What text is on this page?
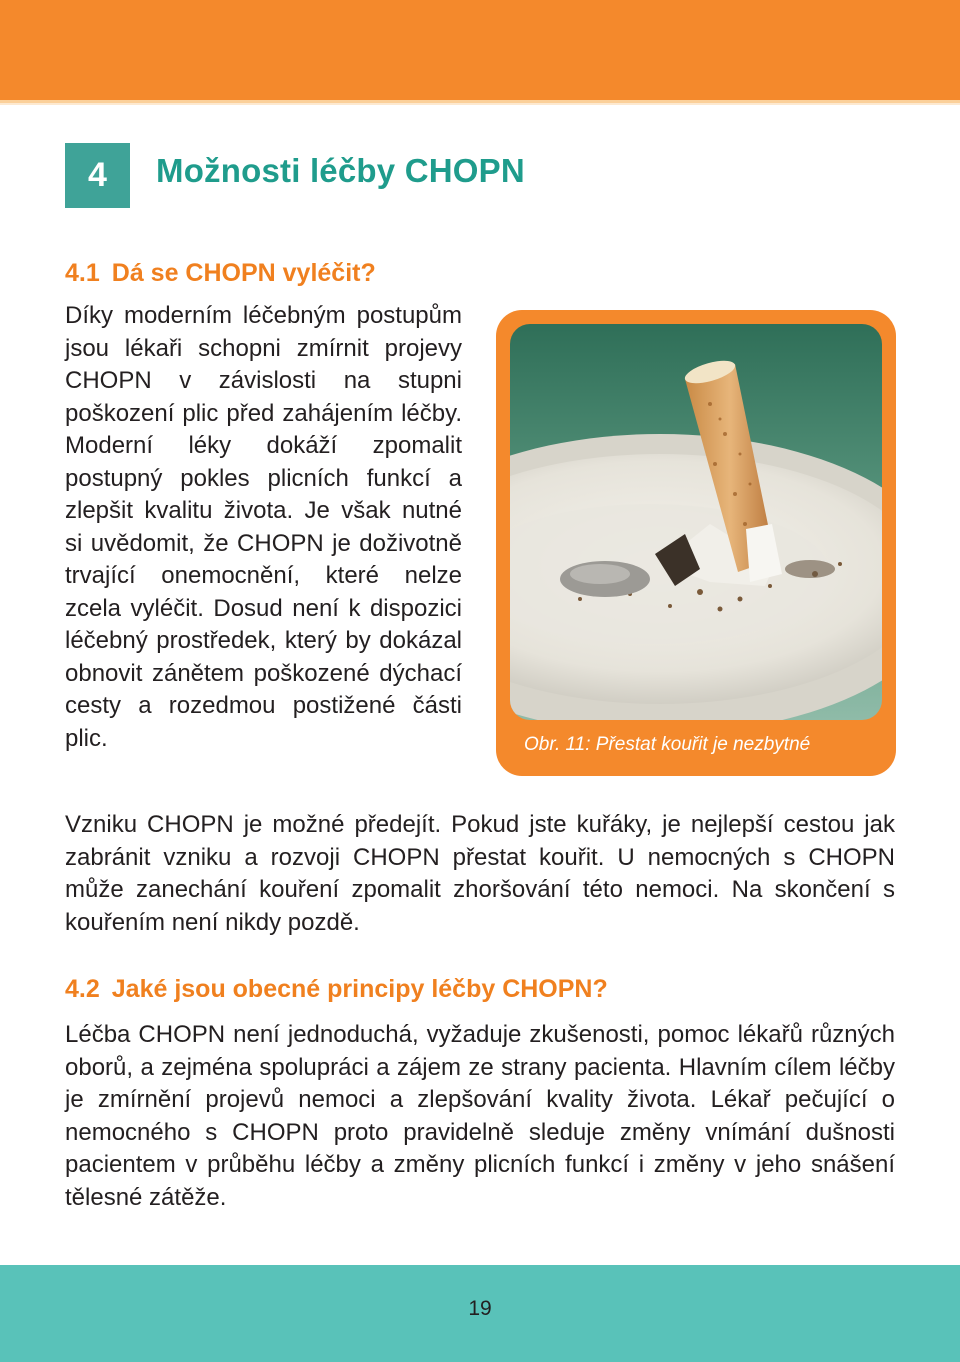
4 Možnosti léčby CHOPN
4.1 Dá se CHOPN vyléčit?

Díky moderním léčebným postupům jsou lékaři schopni zmírnit projevy CHOPN v závislosti na stupni poškození plic před zahájením léčby. Moderní léky dokáží zpomalit postupný pokles plicních funkcí a zlepšit kvalitu života. Je však nutné si uvědomit, že CHOPN je doživotně trvající onemocnění, které nelze zcela vyléčit. Dosud není k dispozici léčebný prostředek, který by dokázal obnovit zánětem poškozené dýchací cesty a rozedmou postižené části plic.	Obr. 11: Přestat kouřit je nezbytné

Vzniku CHOPN je možné předejít. Pokud jste kuřáky, je nejlepší cestou jak zabránit vzniku a rozvoji CHOPN přestat kouřit. U nemocných s CHOPN může zanechání kouření zpomalit zhoršování této nemoci. Na skončení s kouřením není nikdy pozdě.

4.2 Jaké jsou obecné principy léčby CHOPN?

Léčba CHOPN není jednoduchá, vyžaduje zkušenosti, pomoc lékařů různých oborů, a zejména spolupráci a zájem ze strany pacienta. Hlavním cílem léčby je zmírnění projevů nemoci a zlepšování kvality života. Lékař pečující o nemocného s CHOPN proto pravidelně sleduje změny vnímání dušnosti pacientem v průběhu léčby a změny plicních funkcí i změny v jeho snášení tělesné zátěže.

19
